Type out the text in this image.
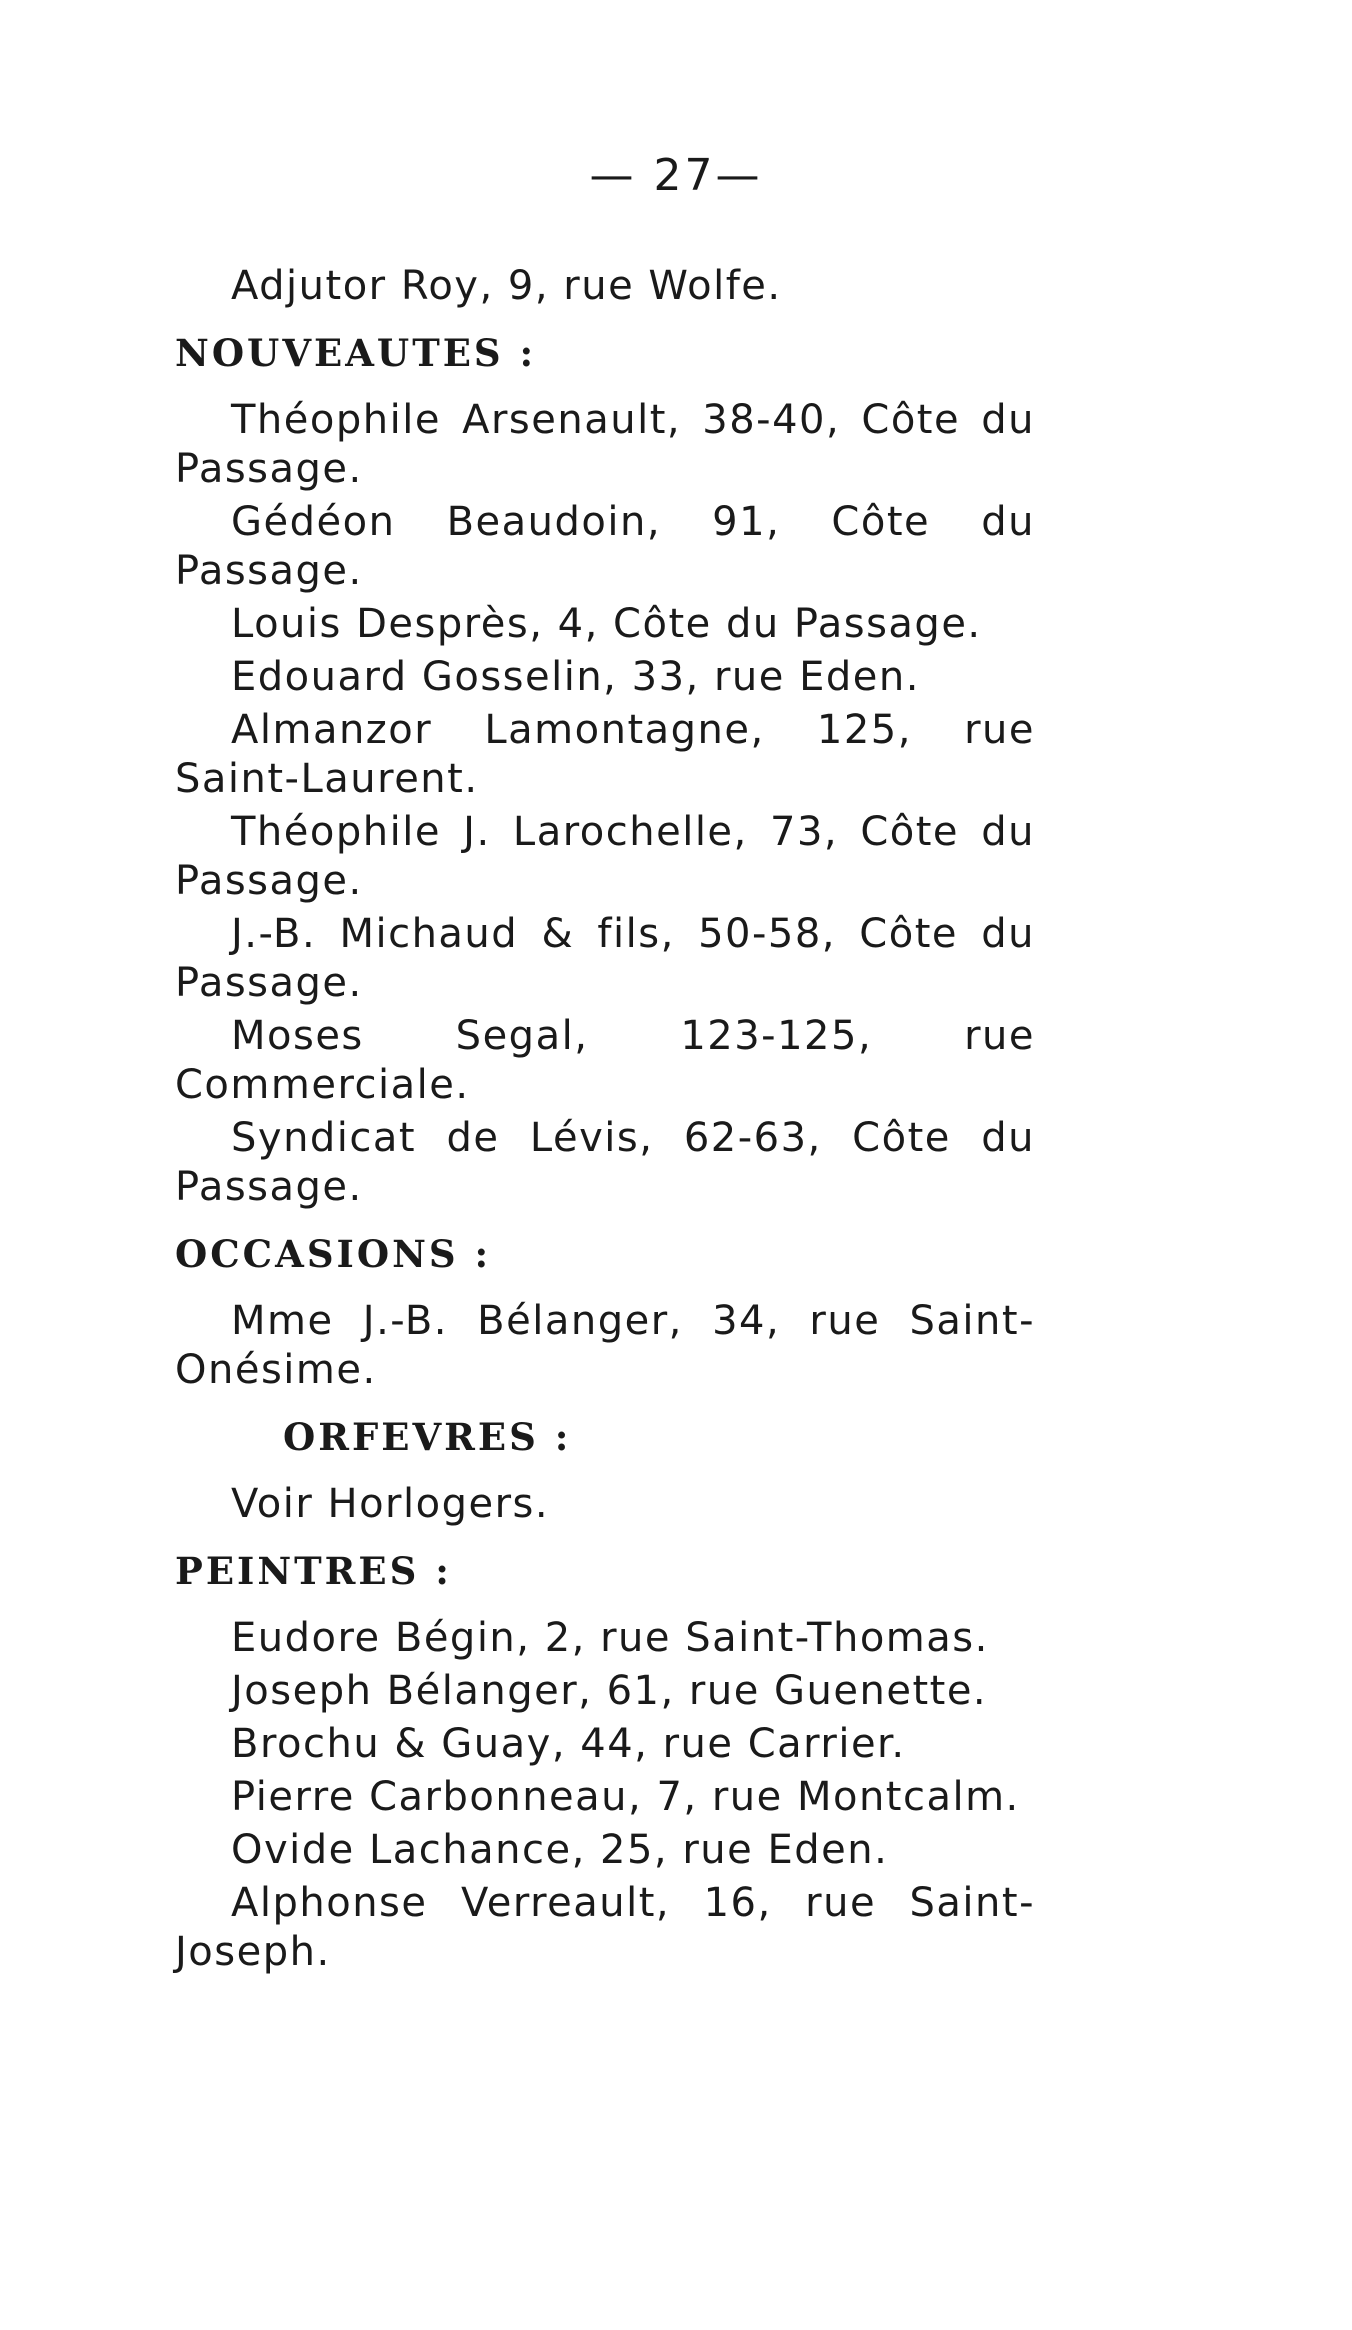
— 27—

Adjutor Roy, 9, rue Wolfe.

NOUVEAUTES :

Théophile Arsenault, 38-40, Côte du Passage.

Gédéon Beaudoin, 91, Côte du Passage.

Louis Desprès, 4, Côte du Passage.

Edouard Gosselin, 33, rue Eden.

Almanzor Lamontagne, 125, rue Saint-Laurent.

Théophile J. Larochelle, 73, Côte du Passage.

J.-B. Michaud & fils, 50-58, Côte du Passage.

Moses Segal, 123-125, rue Commerciale.

Syndicat de Lévis, 62-63, Côte du Passage.

OCCASIONS :

Mme J.-B. Bélanger, 34, rue Saint-Onésime.

ORFEVRES :

Voir Horlogers.

PEINTRES :

Eudore Bégin, 2, rue Saint-Thomas.

Joseph Bélanger, 61, rue Guenette.

Brochu & Guay, 44, rue Carrier.

Pierre Carbonneau, 7, rue Montcalm.

Ovide Lachance, 25, rue Eden.

Alphonse Verreault, 16, rue Saint-Joseph.
